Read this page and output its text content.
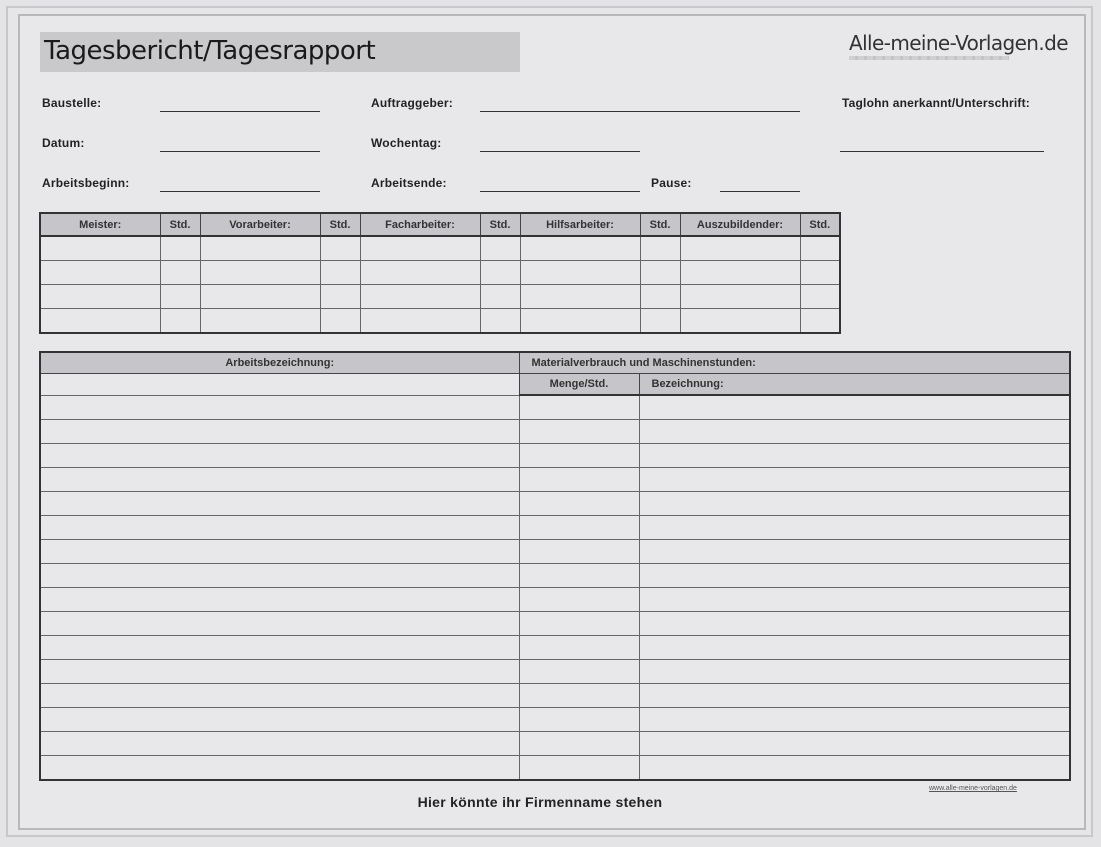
Tagesbericht/Tagesrapport	Alle-meine-Vorlagen.de
Baustelle:	Auftraggeber:	Taglohn anerkannt/Unterschrift:
Datum:	Wochentag:
Arbeitsbeginn:	Arbeitsende:	Pause:
Meister:	Std.	Vorarbeiter:	Std.	Facharbeiter:	Std.	Hilfsarbeiter:	Std.	Auszubildender:	Std.

Arbeitsbezeichnung:	Materialverbrauch und Maschinenstunden:	
	Menge/Std.	Bezeichnung:

Hier könnte ihr Firmenname stehen
www.alle-meine-vorlagen.de
